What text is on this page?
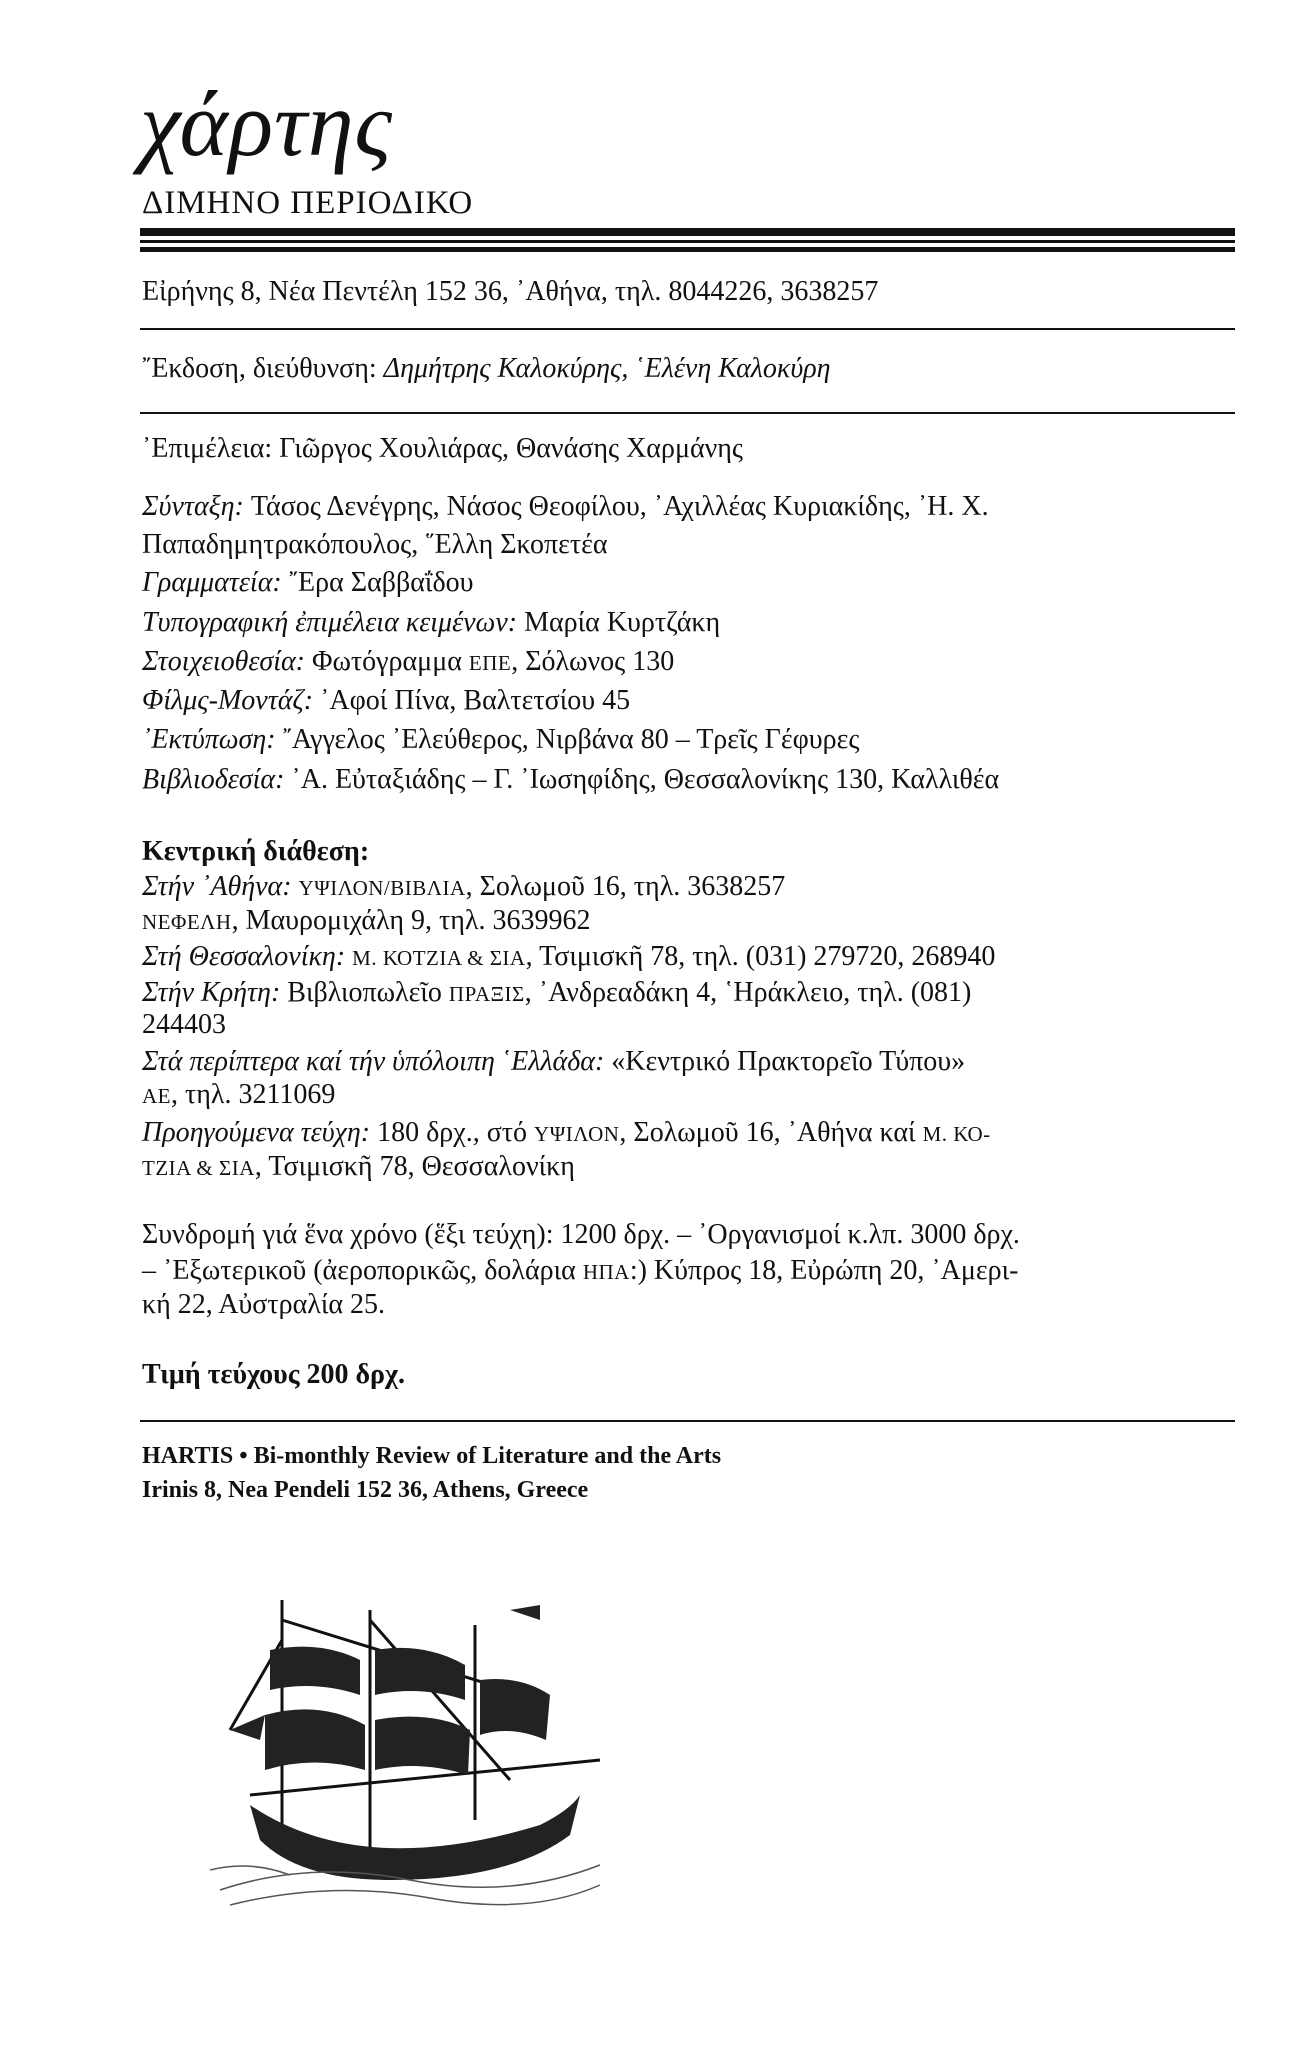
χάρτης
ΔΙΜΗΝΟ ΠΕΡΙΟΔΙΚΟ
Εἰρήνης 8, Νέα Πεντέλη 152 36, ᾿Αθήνα, τηλ. 8044226, 3638257
῎Εκδοση, διεύθυνση: Δημήτρης Καλοκύρης, ῾Ελένη Καλοκύρη
᾿Επιμέλεια: Γιῶργος Χουλιάρας, Θανάσης Χαρμάνης
Σύνταξη: Τάσος Δενέγρης, Νάσος Θεοφίλου, ᾿Αχιλλέας Κυριακίδης, ᾿Η. Χ.
Παπαδημητρακόπουλος, ῞Ελλη Σκοπετέα
Γραμματεία: ῎Ερα Σαββαΐδου
Τυπογραφική ἐπιμέλεια κειμένων: Μαρία Κυρτζάκη
Στοιχειοθεσία: Φωτόγραμμα ΕΠΕ, Σόλωνος 130
Φίλμς-Μοντάζ: ᾿Αφοί Πίνα, Βαλτετσίου 45
᾿Εκτύπωση: ῎Αγγελος ᾿Ελεύθερος, Νιρβάνα 80 – Τρεῖς Γέφυρες
Βιβλιοδεσία: ᾿Α. Εὐταξιάδης – Γ. ᾿Ιωσηφίδης, Θεσσαλονίκης 130, Καλλιθέα
Κεντρική διάθεση:
Στήν ᾿Αθήνα: ΥΨΙΛΟΝ/ΒΙΒΛΙΑ, Σολωμοῦ 16, τηλ. 3638257
ΝΕΦΕΛΗ, Μαυρομιχάλη 9, τηλ. 3639962
Στή Θεσσαλονίκη: Μ. ΚΟΤΖΙΑ & ΣΙΑ, Τσιμισκῆ 78, τηλ. (031) 279720, 268940
Στήν Κρήτη: Βιβλιοπωλεῖο ΠΡΑΞΙΣ, ᾿Ανδρεαδάκη 4, ῾Ηράκλειο, τηλ. (081)
244403
Στά περίπτερα καί τήν ὑπόλοιπη ῾Ελλάδα: «Κεντρικό Πρακτορεῖο Τύπου»
ΑΕ, τηλ. 3211069
Προηγούμενα τεύχη: 180 δρχ., στό ΥΨΙΛΟΝ, Σολωμοῦ 16, ᾿Αθήνα καί Μ. ΚΟ-
ΤΖΙΑ & ΣΙΑ, Τσιμισκῆ 78, Θεσσαλονίκη
Συνδρομή γιά ἕνα χρόνο (ἕξι τεύχη): 1200 δρχ. – ᾿Οργανισμοί κ.λπ. 3000 δρχ.
– ᾿Εξωτερικοῦ (ἀεροπορικῶς, δολάρια ΗΠΑ:) Κύπρος 18, Εὐρώπη 20, ᾿Αμερι-
κή 22, Αὐστραλία 25.
Τιμή τεύχους 200 δρχ.
HARTIS • Bi-monthly Review of Literature and the Arts
Irinis 8, Nea Pendeli 152 36, Athens, Greece
